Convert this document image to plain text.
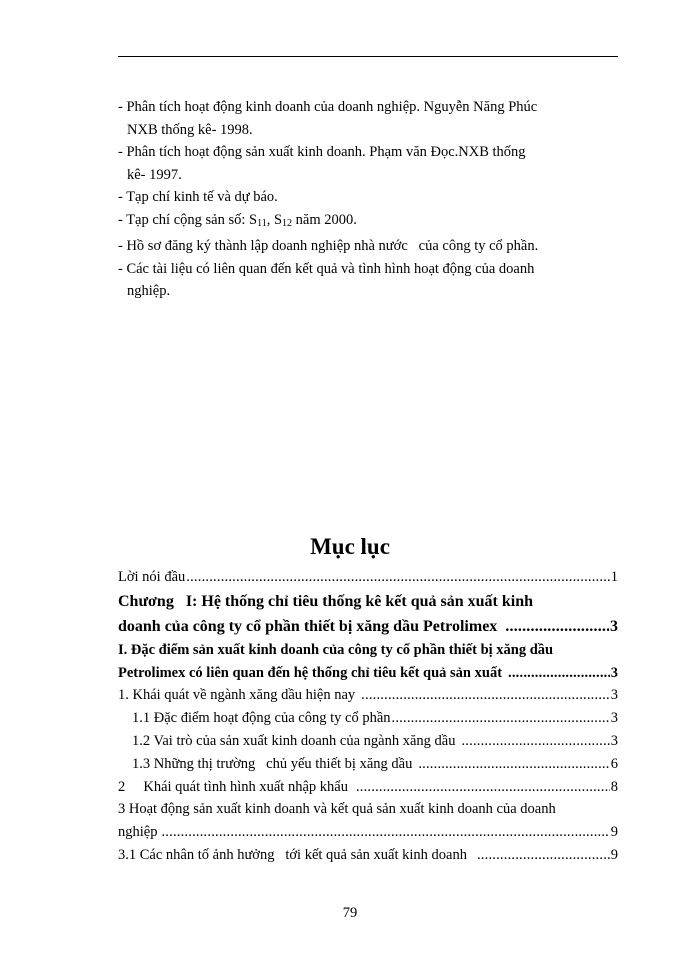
- Phân tích hoạt động kinh doanh của doanh nghiệp. Nguyễn Năng Phúc

NXB thống kê- 1998.

- Phân tích hoạt động sản xuất kinh doanh. Phạm văn Đọc.NXB thống

kê- 1997.

- Tạp chí kinh tế và dự báo.

- Tạp chí cộng sản số: $S_{11}$, $S_{12}$ năm 2000.

- Hồ sơ đăng ký thành lập doanh nghiệp nhà nước   của công ty cổ phần.

- Các tài liệu có liên quan đến kết quả và tình hình hoạt động của doanh

nghiệp.

Mục lục
Lời nói đầu .....	1
Chương   I: Hệ thống chỉ tiêu thống kê kết quả sản xuất kinh
doanh của công ty cổ phần thiết bị xăng dầu Petrolimex .....	3
I. Đặc điểm sản xuất kinh doanh của công ty cổ phần thiết bị xăng dầu
Petrolimex có liên quan đến hệ thống chỉ tiêu kết quả sản xuất .....	3
1. Khái quát về ngành xăng dầu hiện nay .....	3
1.1 Đặc điểm hoạt động của công ty cổ phần .....	3
1.2 Vai trò của sản xuất kinh doanh của ngành xăng dầu .....	3
1.3 Những thị trường   chủ yếu thiết bị xăng dầu .....	6
2     Khái quát tình hình xuất nhập khẩu .....	8
3 Hoạt động sản xuất kinh doanh và kết quả sản xuất kinh doanh của doanh
nghiệp .....	9
3.1 Các nhân tố ảnh hưởng   tới kết quả sản xuất kinh doanh .....	9
79
